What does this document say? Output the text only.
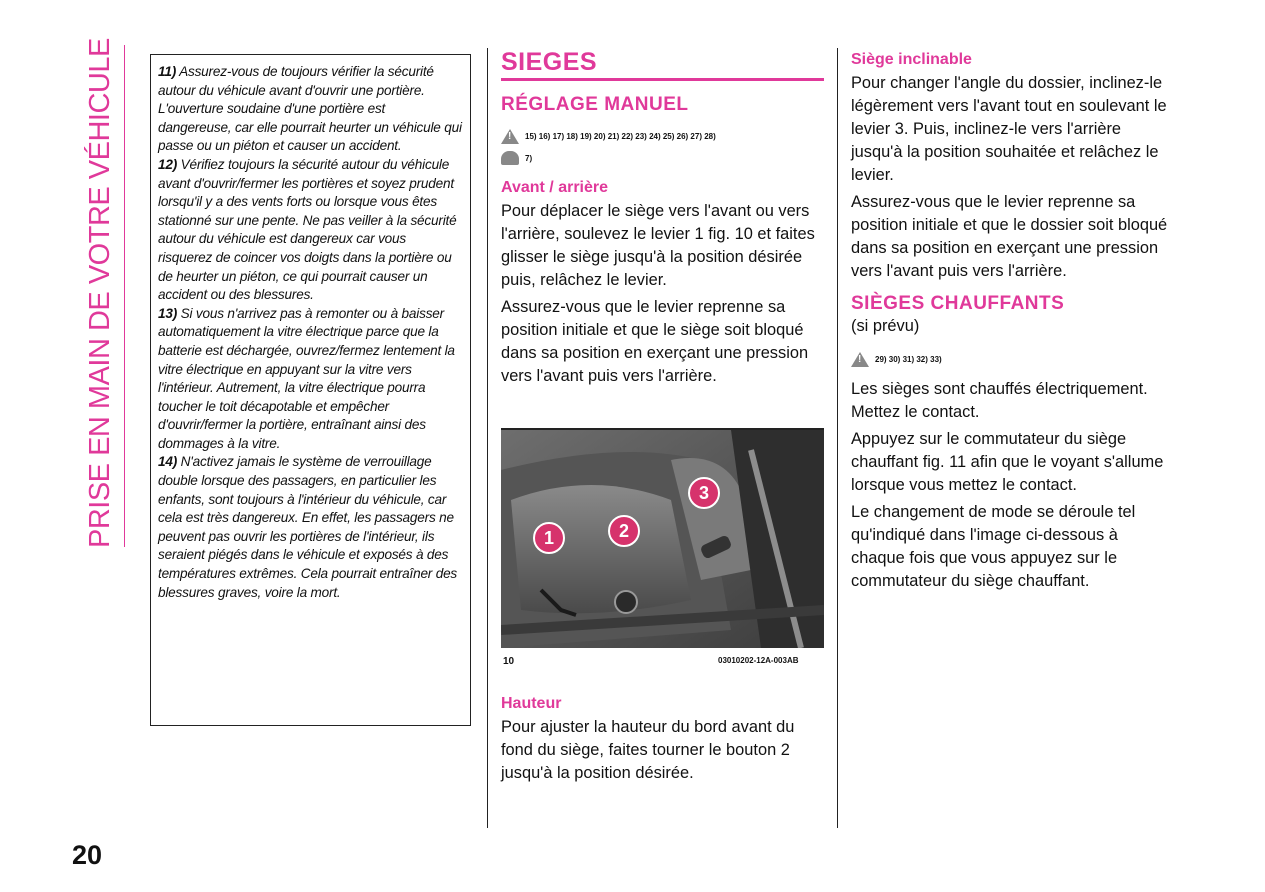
PRISE EN MAIN DE VOTRE VÉHICULE
20

11) Assurez-vous de toujours vérifier la sécurité autour du véhicule avant d'ouvrir une portière. L'ouverture soudaine d'une portière est dangereuse, car elle pourrait heurter un véhicule qui passe ou un piéton et causer un accident.

12) Vérifiez toujours la sécurité autour du véhicule avant d'ouvrir/fermer les portières et soyez prudent lorsqu'il y a des vents forts ou lorsque vous êtes stationné sur une pente. Ne pas veiller à la sécurité autour du véhicule est dangereux car vous risquerez de coincer vos doigts dans la portière ou de heurter un piéton, ce qui pourrait causer un accident ou des blessures.

13) Si vous n'arrivez pas à remonter ou à baisser automatiquement la vitre électrique parce que la batterie est déchargée, ouvrez/fermez lentement la vitre électrique en appuyant sur la vitre vers l'intérieur. Autrement, la vitre électrique pourra toucher le toit décapotable et empêcher d'ouvrir/fermer la portière, entraînant ainsi des dommages à la vitre.

14) N'activez jamais le système de verrouillage double lorsque des passagers, en particulier les enfants, sont toujours à l'intérieur du véhicule, car cela est très dangereux. En effet, les passagers ne peuvent pas ouvrir les portières de l'intérieur, ils seraient piégés dans le véhicule et exposés à des températures extrêmes. Cela pourrait entraîner des blessures graves, voire la mort.

SIEGES
RÉGLAGE MANUEL
!
15) 16) 17) 18) 19) 20) 21) 22) 23) 24) 25) 26) 27) 28)
7)
Avant / arrière

Pour déplacer le siège vers l'avant ou vers l'arrière, soulevez le levier 1 fig. 10 et faites glisser le siège jusqu'à la position désirée puis, relâchez le levier.

Assurez-vous que le levier reprenne sa position initiale et que le siège soit bloqué dans sa position en exerçant une pression vers l'avant puis vers l'arrière.

1	2
3
10	03010202-12A-003AB
Hauteur

Pour ajuster la hauteur du bord avant du fond du siège, faites tourner le bouton 2 jusqu'à la position désirée.

Siège inclinable

Pour changer l'angle du dossier, inclinez-le légèrement vers l'avant tout en soulevant le levier 3. Puis, inclinez-le vers l'arrière jusqu'à la position souhaitée et relâchez le levier.

Assurez-vous que le levier reprenne sa position initiale et que le dossier soit bloqué dans sa position en exerçant une pression vers l'avant puis vers l'arrière.

SIÈGES CHAUFFANTS

(si prévu)

!
29) 30) 31) 32) 33)

Les sièges sont chauffés électriquement. Mettez le contact.

Appuyez sur le commutateur du siège chauffant fig. 11 afin que le voyant s'allume lorsque vous mettez le contact.

Le changement de mode se déroule tel qu'indiqué dans l'image ci-dessous à chaque fois que vous appuyez sur le commutateur du siège chauffant.
